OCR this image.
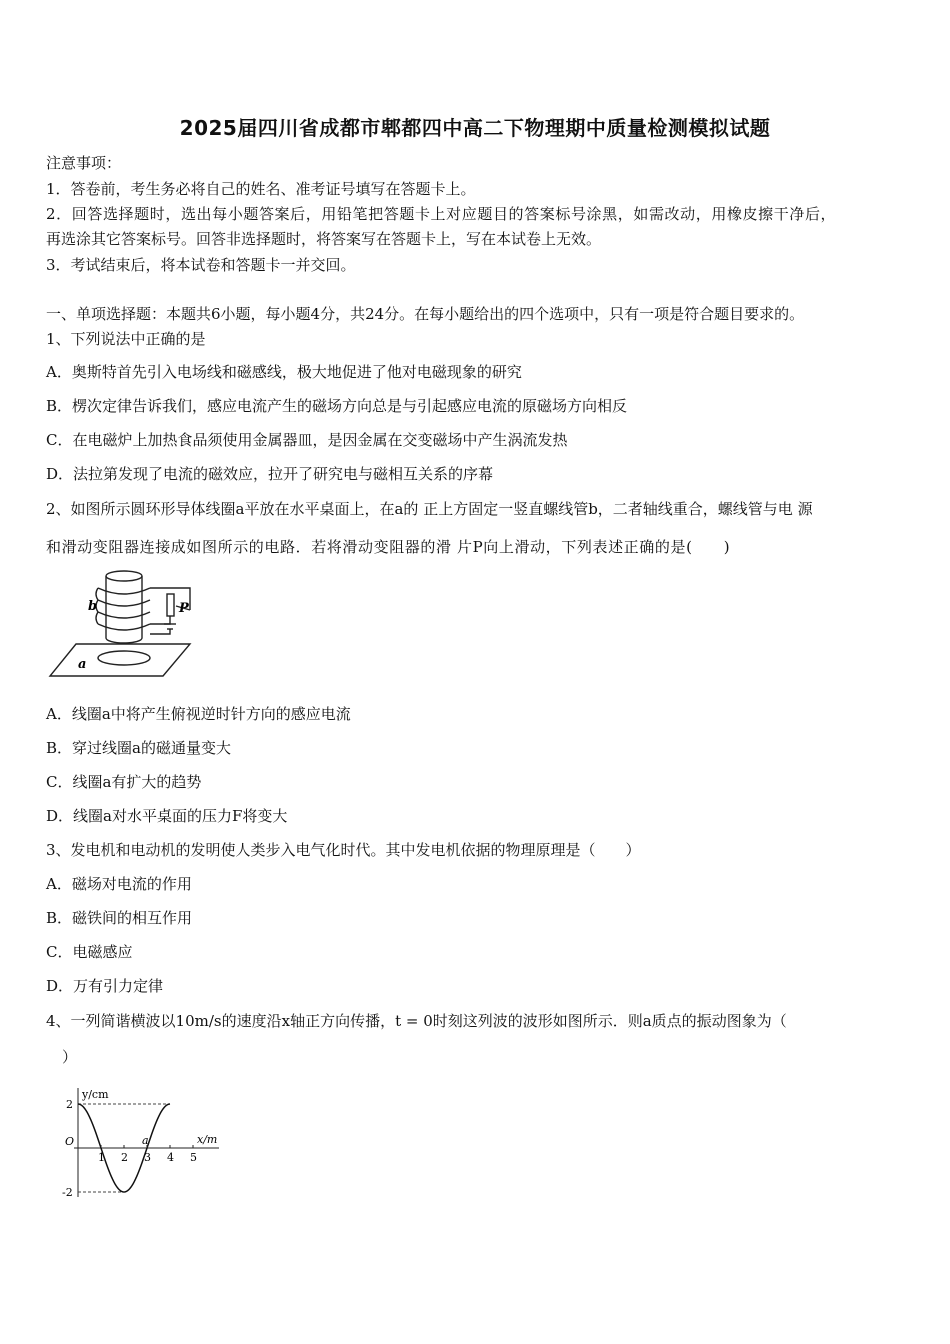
2025届四川省成都市郫都四中高二下物理期中质量检测模拟试题
注意事项：
1．答卷前，考生务必将自己的姓名、准考证号填写在答题卡上。
2．回答选择题时，选出每小题答案后，用铅笔把答题卡上对应题目的答案标号涂黑，如需改动，用橡皮擦干净后，
再选涂其它答案标号。回答非选择题时，将答案写在答题卡上，写在本试卷上无效。
3．考试结束后，将本试卷和答题卡一并交回。
一、单项选择题：本题共6小题，每小题4分，共24分。在每小题给出的四个选项中，只有一项是符合题目要求的。
1、下列说法中正确的是
A．奥斯特首先引入电场线和磁感线，极大地促进了他对电磁现象的研究
B．楞次定律告诉我们，感应电流产生的磁场方向总是与引起感应电流的原磁场方向相反
C．在电磁炉上加热食品须使用金属器皿，是因金属在交变磁场中产生涡流发热
D．法拉第发现了电流的磁效应，拉开了研究电与磁相互关系的序幕
2、如图所示圆环形导体线圈a平放在水平桌面上，在a的 正上方固定一竖直螺线管b，二者轴线重合，螺线管与电 源
和滑动变阻器连接成如图所示的电路．若将滑动变阻器的滑 片P向上滑动，下列表述正确的是(　　)
b	P
a
A．线圈a中将产生俯视逆时针方向的感应电流
B．穿过线圈a的磁通量变大
C．线圈a有扩大的趋势
D．线圈a对水平桌面的压力F将变大
3、发电机和电动机的发明使人类步入电气化时代。其中发电机依据的物理原理是（　　）
A．磁场对电流的作用
B．磁铁间的相互作用
C．电磁感应
D．万有引力定律
4、一列简谐横波以10m/s的速度沿x轴正方向传播，t = 0时刻这列波的波形如图所示．则a质点的振动图象为（
）
y/cm
x/m
O	a
1 2 3 4 5
2
-2
